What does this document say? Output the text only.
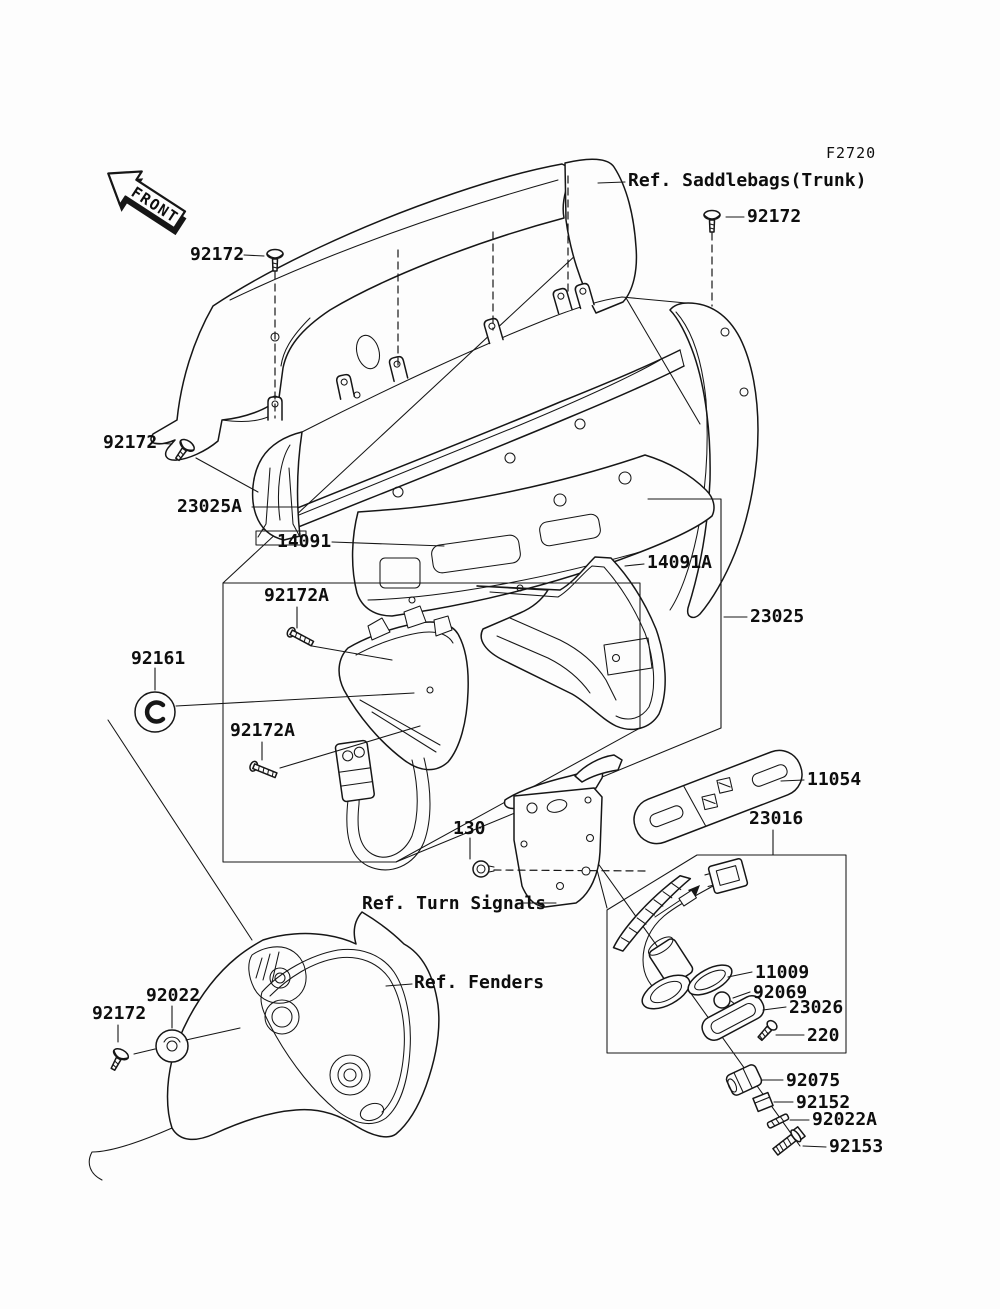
FRONT
F2720
Ref. Saddlebags(Trunk)
92172
92172
92172
23025A
14091
92172A
14091A
23025
92161
92172A
130
11054
23016
Ref. Turn Signals
11009
92069
23026
220
92075
92152
92022A
92153
92022
92172
Ref. Fenders
